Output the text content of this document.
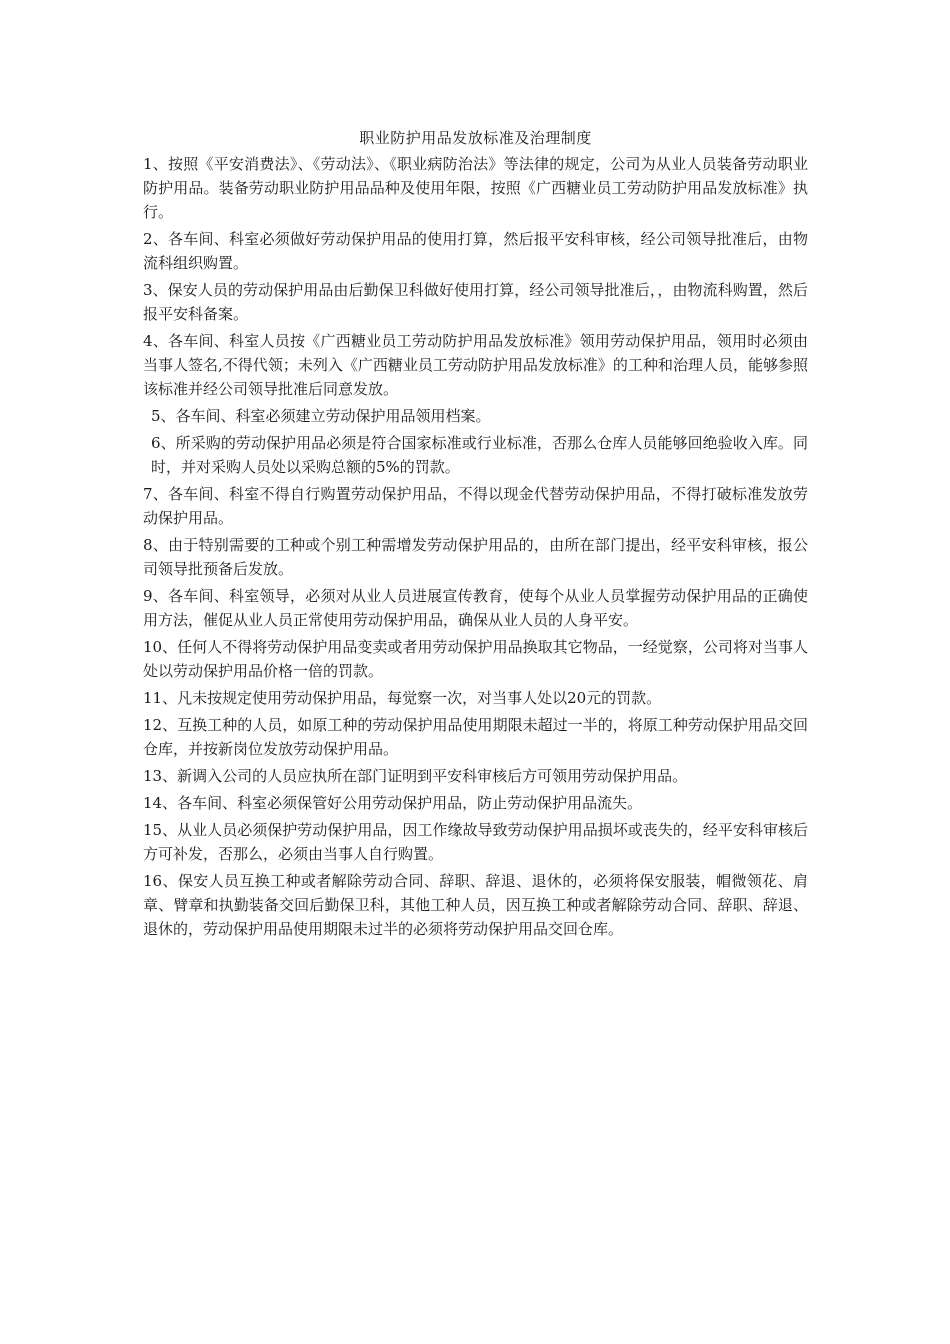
职业防护用品发放标准及治理制度

1、按照《平安消费法》、《劳动法》、《职业病防治法》等法律的规定，公司为从业人员装备劳动职业防护用品。装备劳动职业防护用品品种及使用年限，按照《广西糖业员工劳动防护用品发放标准》执行。

2、各车间、科室必须做好劳动保护用品的使用打算，然后报平安科审核，经公司领导批准后，由物流科组织购置。

3、保安人员的劳动保护用品由后勤保卫科做好使用打算，经公司领导批准后，，由物流科购置，然后报平安科备案。

4、各车间、科室人员按《广西糖业员工劳动防护用品发放标准》领用劳动保护用品，领用时必须由当事人签名,不得代领；未列入《广西糖业员工劳动防护用品发放标准》的工种和治理人员，能够参照该标准并经公司领导批准后同意发放。

5、各车间、科室必须建立劳动保护用品领用档案。

6、所采购的劳动保护用品必须是符合国家标准或行业标准，否那么仓库人员能够回绝验收入库。同时，并对采购人员处以采购总额的5%的罚款。

7、各车间、科室不得自行购置劳动保护用品，不得以现金代替劳动保护用品，不得打破标准发放劳动保护用品。

8、由于特别需要的工种或个别工种需增发劳动保护用品的，由所在部门提出，经平安科审核，报公司领导批预备后发放。

9、各车间、科室领导，必须对从业人员进展宣传教育，使每个从业人员掌握劳动保护用品的正确使用方法，催促从业人员正常使用劳动保护用品，确保从业人员的人身平安。

10、任何人不得将劳动保护用品变卖或者用劳动保护用品换取其它物品，一经觉察，公司将对当事人处以劳动保护用品价格一倍的罚款。

11、凡未按规定使用劳动保护用品，每觉察一次，对当事人处以20元的罚款。

12、互换工种的人员，如原工种的劳动保护用品使用期限未超过一半的，将原工种劳动保护用品交回仓库，并按新岗位发放劳动保护用品。

13、新调入公司的人员应执所在部门证明到平安科审核后方可领用劳动保护用品。

14、各车间、科室必须保管好公用劳动保护用品，防止劳动保护用品流失。

15、从业人员必须保护劳动保护用品，因工作缘故导致劳动保护用品损坏或丧失的，经平安科审核后方可补发，否那么，必须由当事人自行购置。

16、保安人员互换工种或者解除劳动合同、辞职、辞退、退休的，必须将保安服装，帽微领花、肩章、臂章和执勤装备交回后勤保卫科，其他工种人员，因互换工种或者解除劳动合同、辞职、辞退、退休的，劳动保护用品使用期限未过半的必须将劳动保护用品交回仓库。
